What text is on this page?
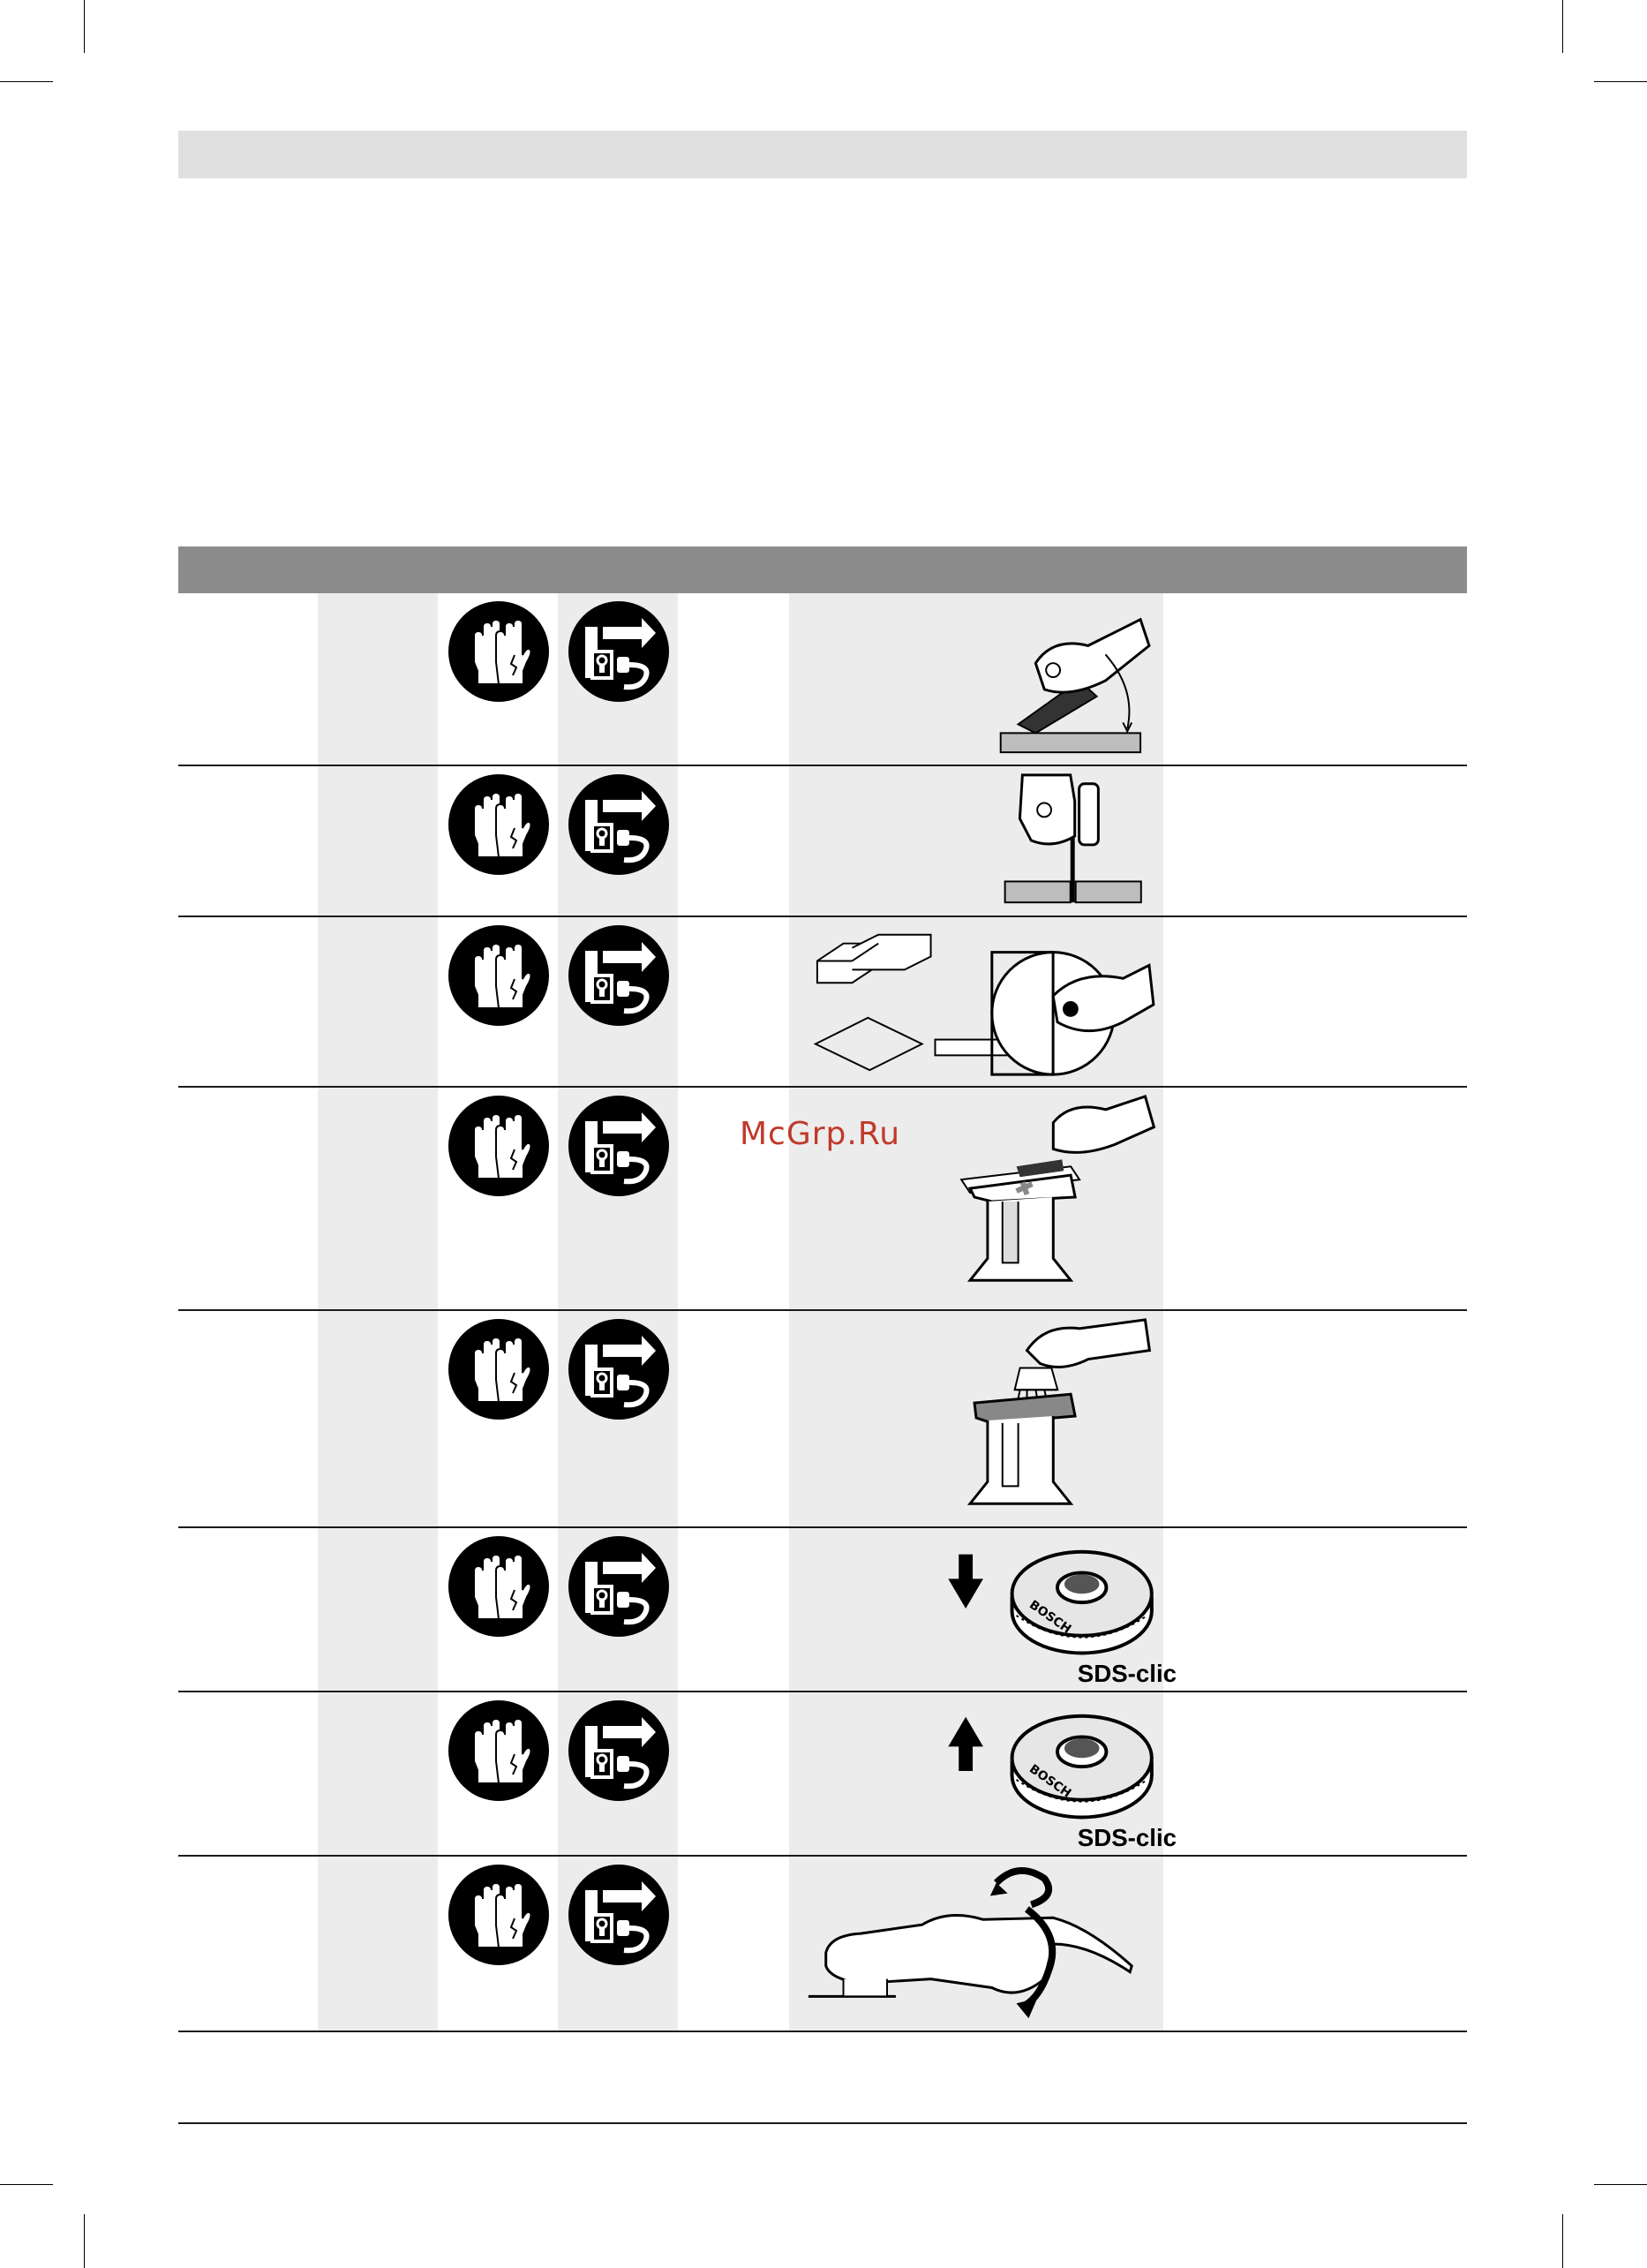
BOSCH
SDS-clic
BOSCH
SDS-clic
McGrp.Ru
